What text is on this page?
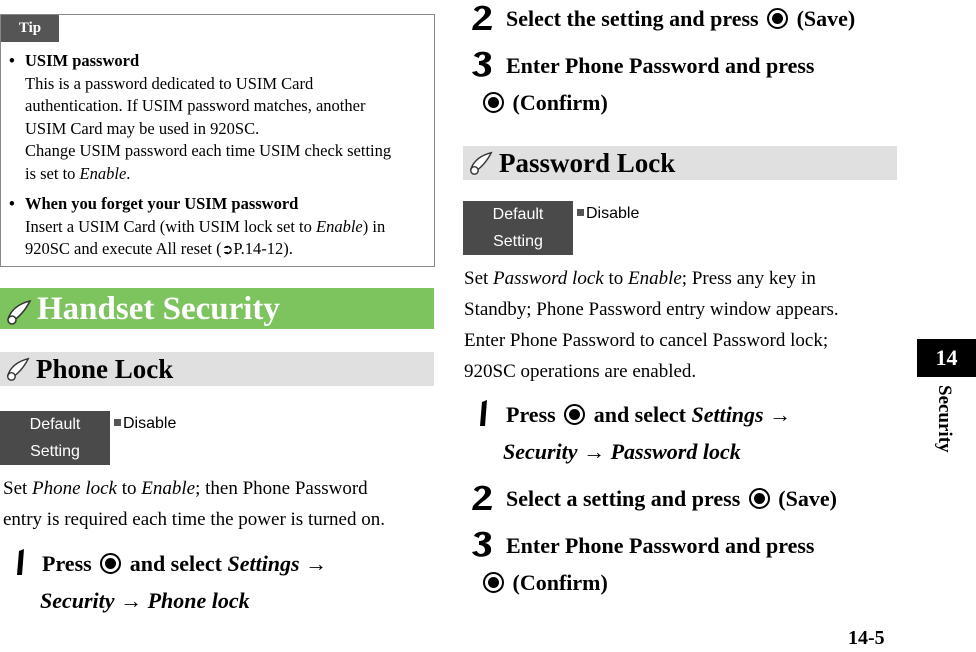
Tip
• USIM password
This is a password dedicated to USIM Card
authentication. If USIM password matches, another
USIM Card may be used in 920SC.
Change USIM password each time USIM check setting
is set to Enable.
• When you forget your USIM password
Insert a USIM Card (with USIM lock set to Enable) in
920SC and execute All reset (➲P.14-12).
Handset Security
Phone Lock
Default
Setting
Disable
Set Phone lock to Enable; then Phone Password
entry is required each time the power is turned on.
Press  and select Settings →
Security → Phone lock
Select the setting and press  (Save)
Enter Phone Password and press
(Confirm)
Password Lock
Default
Setting
Disable
Set Password lock to Enable; Press any key in
Standby; Phone Password entry window appears.
Enter Phone Password to cancel Password lock;
920SC operations are enabled.
Press  and select Settings →
Security → Password lock
Select a setting and press  (Save)
Enter Phone Password and press
(Confirm)
14
Security
14-5
